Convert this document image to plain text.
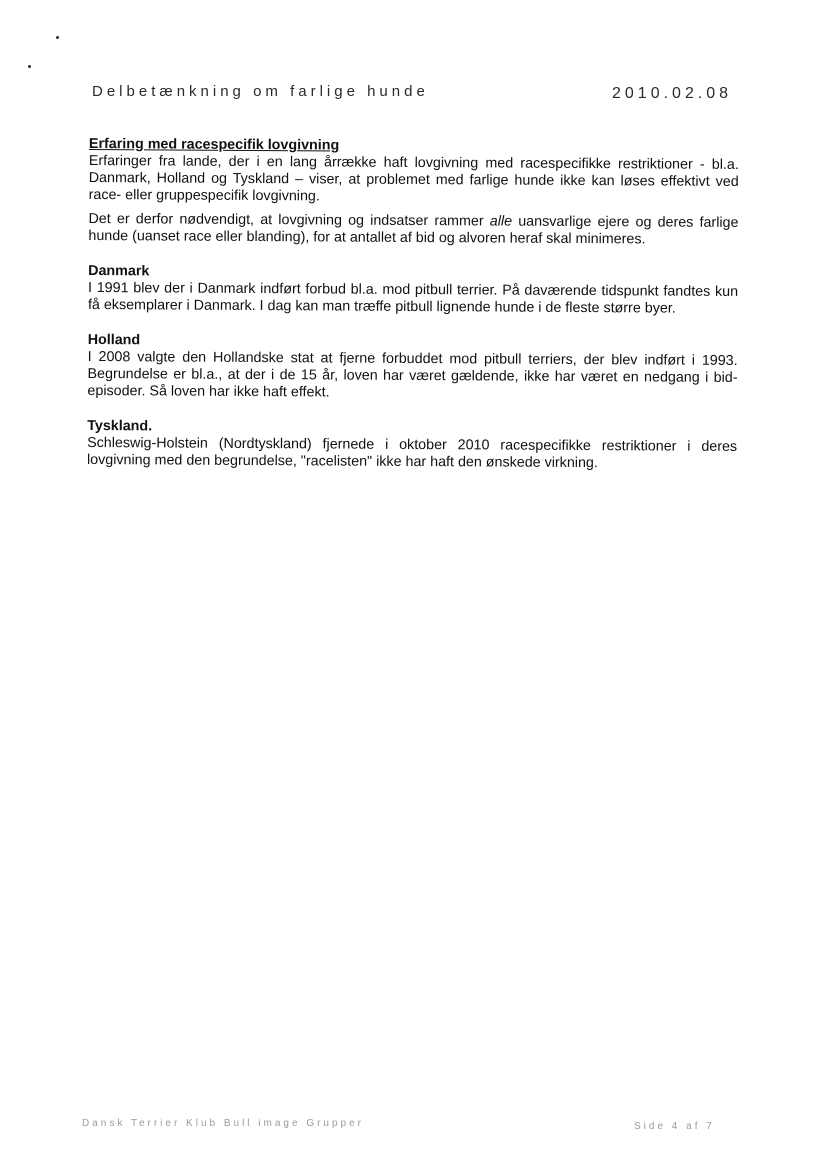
Delbetænkning om farlige hunde	2010.02.08
Erfaring med racespecifik lovgivning

Erfaringer fra lande, der i en lang årrække haft lovgivning med racespecifikke restriktioner - bl.a. Danmark, Holland og Tyskland – viser, at problemet med farlige hunde ikke kan løses effektivt ved race- eller gruppespecifik lovgivning.

Det er derfor nødvendigt, at lovgivning og indsatser rammer alle uansvarlige ejere og deres farlige hunde (uanset race eller blanding), for at antallet af bid og alvoren heraf skal minimeres.

Danmark

I 1991 blev der i Danmark indført forbud bl.a. mod pitbull terrier. På daværende tidspunkt fandtes kun få eksemplarer i Danmark. I dag kan man træffe pitbull lignende hunde i de fleste større byer.

Holland

I 2008 valgte den Hollandske stat at fjerne forbuddet mod pitbull terriers, der blev indført i 1993. Begrundelse er bl.a., at der i de 15 år, loven har været gældende, ikke har været en nedgang i bid-episoder. Så loven har ikke haft effekt.

Tyskland.

Schleswig-Holstein (Nordtyskland) fjernede i oktober 2010 racespecifikke restriktioner i deres lovgivning med den begrundelse, "racelisten" ikke har haft den ønskede virkning.

Dansk Terrier Klub Bull image Grupper	Side 4 af 7
